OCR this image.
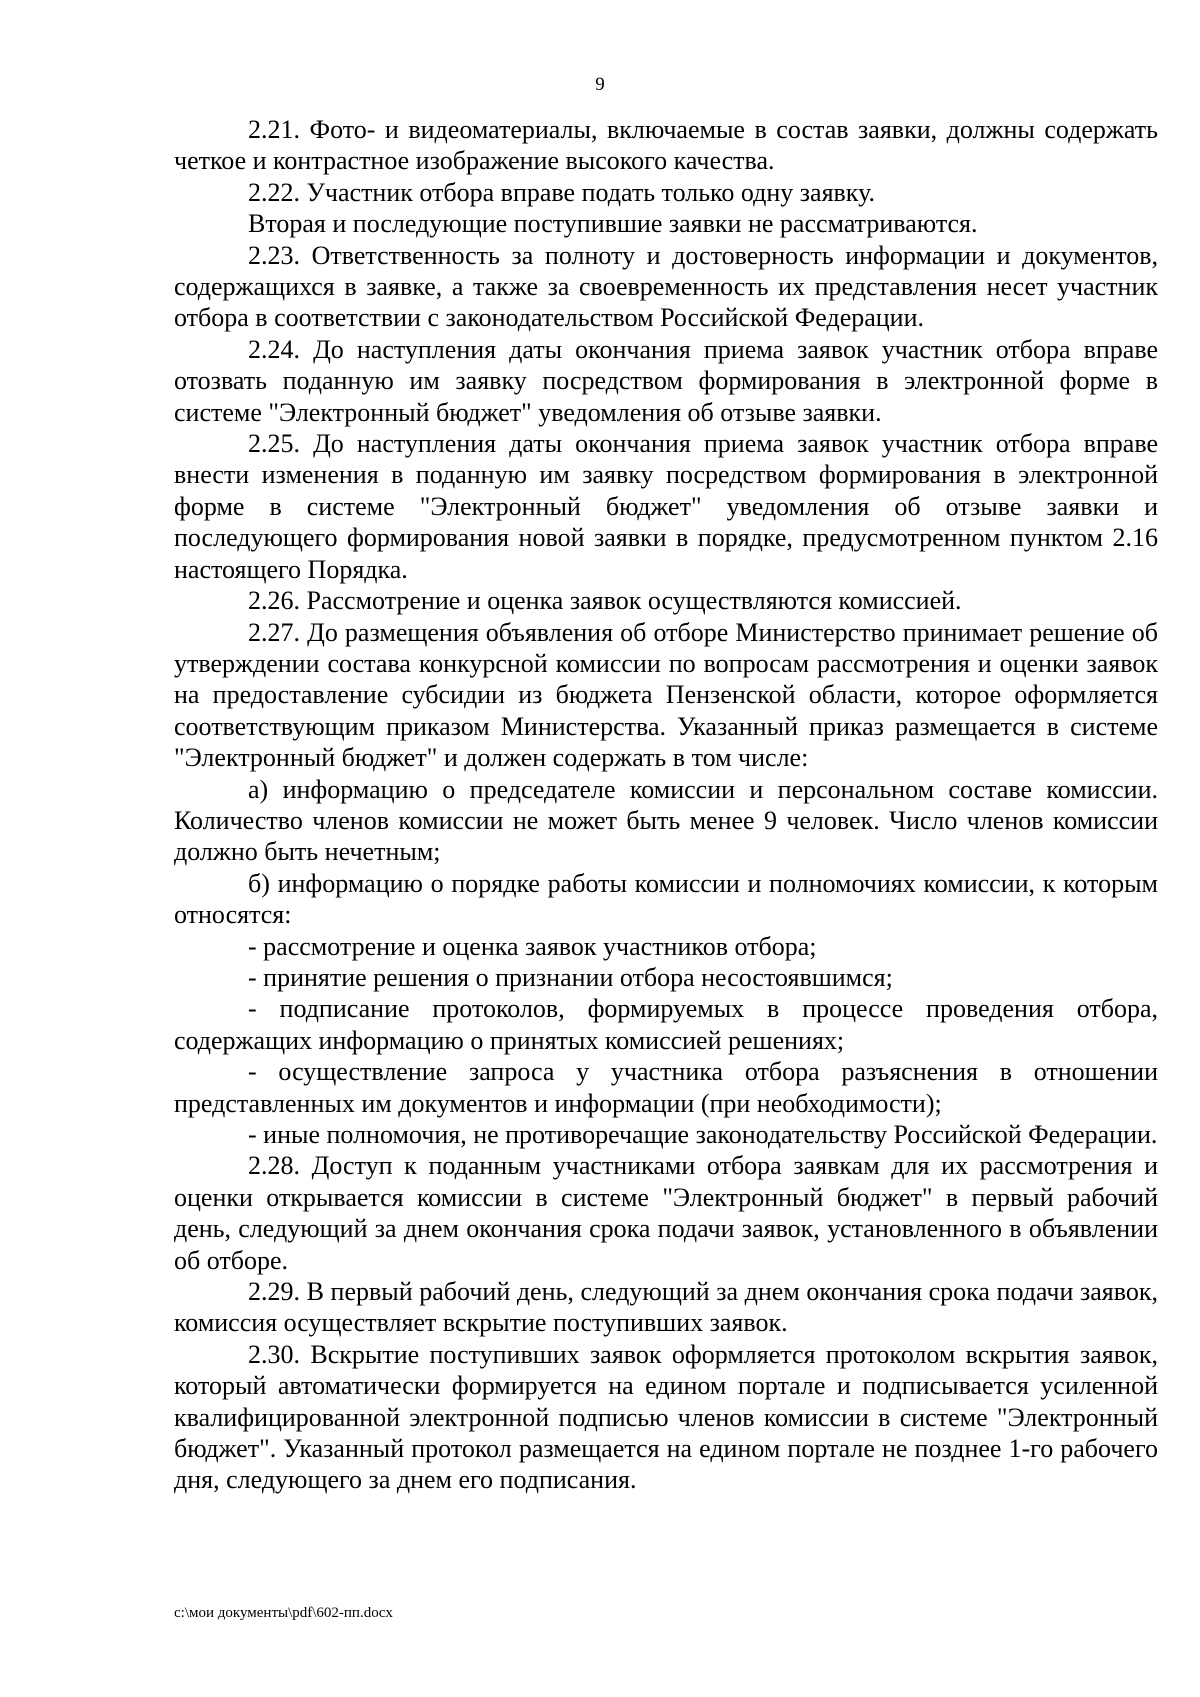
9

2.21. Фото- и видеоматериалы, включаемые в состав заявки, должны содержать четкое и контрастное изображение высокого качества.

2.22. Участник отбора вправе подать только одну заявку.

Вторая и последующие поступившие заявки не рассматриваются.

2.23. Ответственность за полноту и достоверность информации и документов, содержащихся в заявке, а также за своевременность их представления несет участник отбора в соответствии с законодательством Российской Федерации.

2.24. До наступления даты окончания приема заявок участник отбора вправе отозвать поданную им заявку посредством формирования в электронной форме в системе "Электронный бюджет" уведомления об отзыве заявки.

2.25. До наступления даты окончания приема заявок участник отбора вправе внести изменения в поданную им заявку посредством формирования в электронной форме в системе "Электронный бюджет" уведомления об отзыве заявки и последующего формирования новой заявки в порядке, предусмотренном пунктом 2.16 настоящего Порядка.

2.26. Рассмотрение и оценка заявок осуществляются комиссией.

2.27. До размещения объявления об отборе Министерство принимает решение об утверждении состава конкурсной комиссии по вопросам рассмотрения и оценки заявок на предоставление субсидии из бюджета Пензенской области, которое оформляется соответствующим приказом Министерства. Указанный приказ размещается в системе "Электронный бюджет" и должен содержать в том числе:

а) информацию о председателе комиссии и персональном составе комиссии. Количество членов комиссии не может быть менее 9 человек. Число членов комиссии должно быть нечетным;

б) информацию о порядке работы комиссии и полномочиях комиссии, к которым относятся:

- рассмотрение и оценка заявок участников отбора;

- принятие решения о признании отбора несостоявшимся;

- подписание протоколов, формируемых в процессе проведения отбора, содержащих информацию о принятых комиссией решениях;

- осуществление запроса у участника отбора разъяснения в отношении представленных им документов и информации (при необходимости);

- иные полномочия, не противоречащие законодательству Российской Федерации.

2.28. Доступ к поданным участниками отбора заявкам для их рассмотрения и оценки открывается комиссии в системе "Электронный бюджет" в первый рабочий день, следующий за днем окончания срока подачи заявок, установленного в объявлении об отборе.

2.29. В первый рабочий день, следующий за днем окончания срока подачи заявок, комиссия осуществляет вскрытие поступивших заявок.

2.30. Вскрытие поступивших заявок оформляется протоколом вскрытия заявок, который автоматически формируется на едином портале и подписывается усиленной квалифицированной электронной подписью членов комиссии в системе "Электронный бюджет". Указанный протокол размещается на едином портале не позднее 1-го рабочего дня, следующего за днем его подписания.

c:\мои документы\pdf\602-пп.docx
